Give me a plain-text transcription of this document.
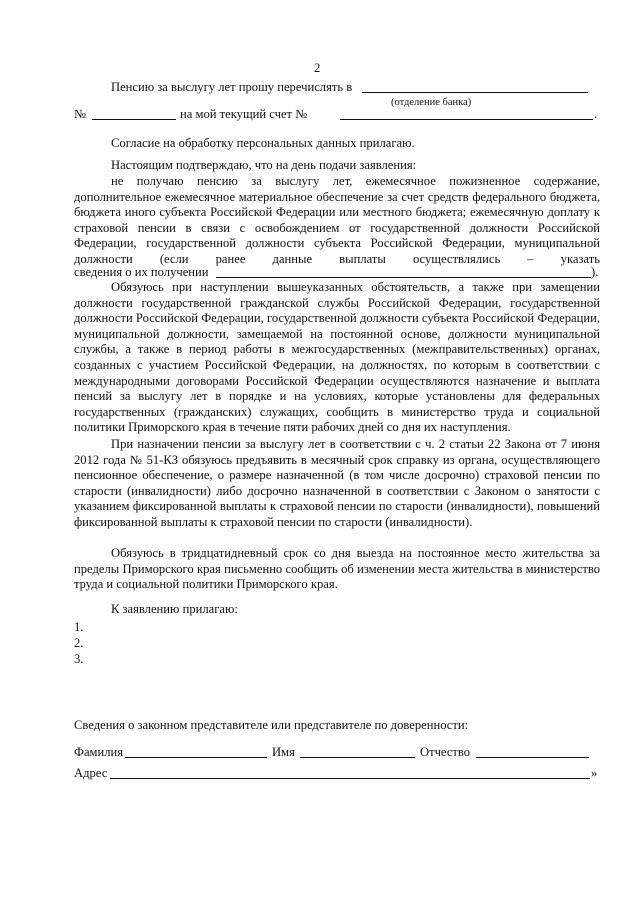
2
Пенсию за выслугу лет прошу перечислять в
(отделение банка)
№	на мой текущий счет №	.
Согласие на обработку персональных данных прилагаю.
Настоящим подтверждаю, что на день подачи заявления:

не получаю пенсию за выслугу лет, ежемесячное пожизненное содержание, дополнительное ежемесячное материальное обеспечение за счет средств федерального бюджета, бюджета иного субъекта Российской Федерации или местного бюджета; ежемесячную доплату к страховой пенсии в связи с освобождением от государственной должности Российской Федерации, государственной должности субъекта Российской Федерации, муниципальной должности (если ранее данные выплаты осуществлялись – указать

сведения о их получении	).

Обязуюсь при наступлении вышеуказанных обстоятельств, а также при замещении должности государственной гражданской службы Российской Федерации, государственной должности Российской Федерации, государственной должности субъекта Российской Федерации, муниципальной должности, замещаемой на постоянной основе, должности муниципальной службы, а также в период работы в межгосударственных (межправительственных) органах, созданных с участием Российской Федерации, на должностях, по которым в соответствии с международными договорами Российской Федерации осуществляются назначение и выплата пенсий за выслугу лет в порядке и на условиях, которые установлены для федеральных государственных (гражданских) служащих, сообщить в министерство труда и социальной политики Приморского края в течение пяти рабочих дней со дня их наступления.

При назначении пенсии за выслугу лет в соответствии с ч. 2 статьи 22 Закона от 7 июня 2012 года № 51-КЗ обязуюсь предъявить в месячный срок справку из органа, осуществляющего пенсионное обеспечение, о размере назначенной (в том числе досрочно) страховой пенсии по старости (инвалидности) либо досрочно назначенной в соответствии с Законом о занятости с указанием фиксированной выплаты к страховой пенсии по старости (инвалидности), повышений фиксированной выплаты к страховой пенсии по старости (инвалидности).

Обязуюсь в тридцатидневный срок со дня выезда на постоянное место жительства за пределы Приморского края письменно сообщить об изменении места жительства в министерство труда и социальной политики Приморского края.

К заявлению прилагаю:
1.
2.
3.
Сведения о законном представителе или представителе по доверенности:
Фамилия	Имя	Отчество
Адрес	»
